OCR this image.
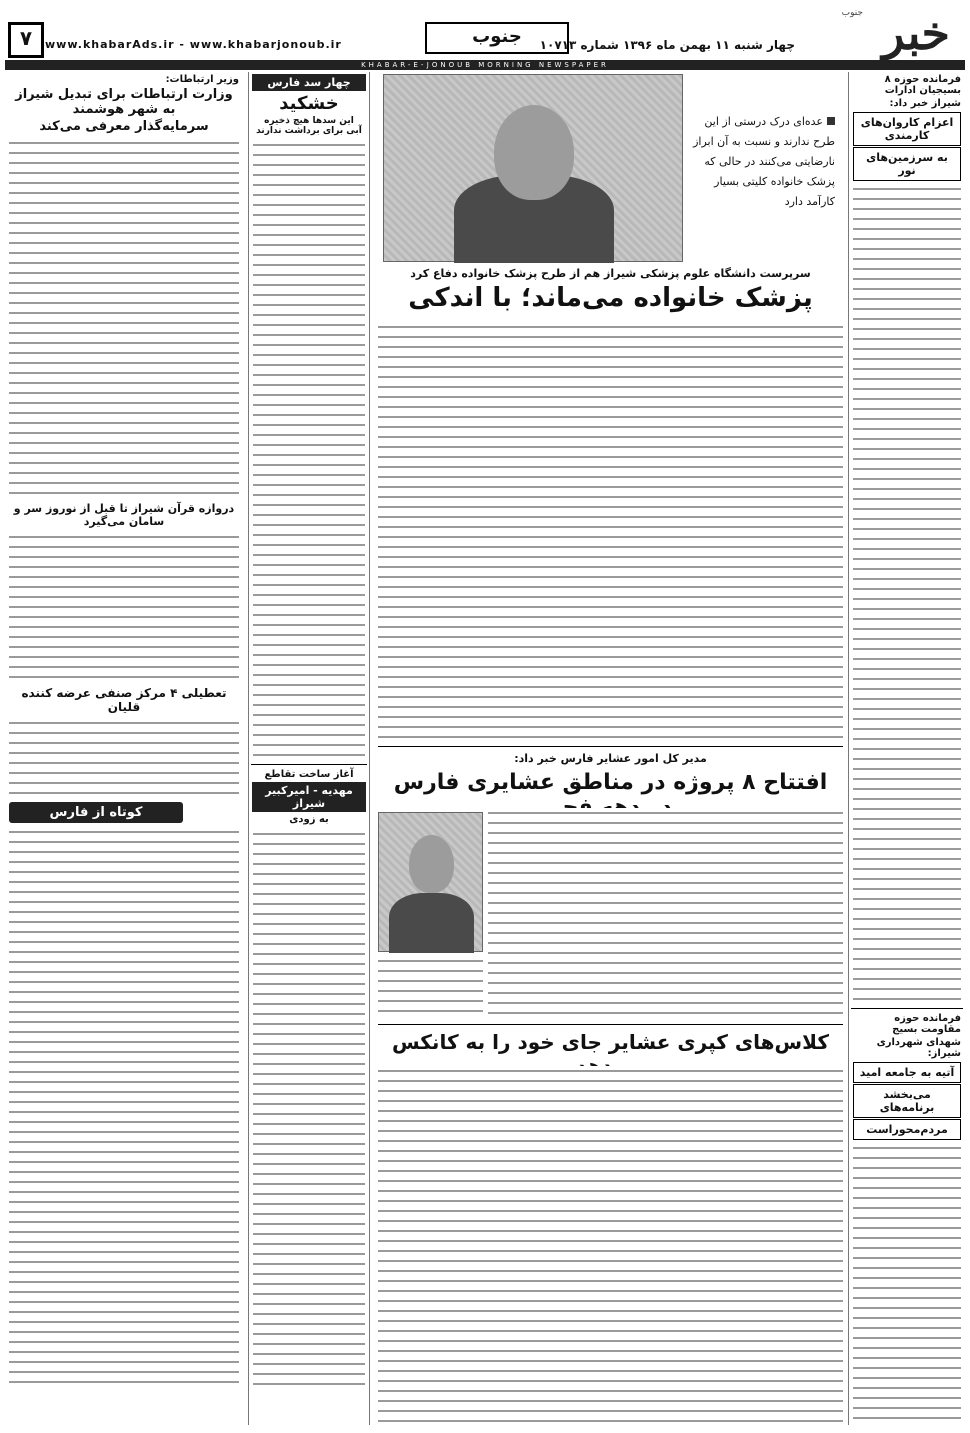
خبر
جنوب
چهار شنبه ۱۱ بهمن ماه ۱۳۹۶ شماره ۱۰۷۱۳
جنوب
www.khabarAds.ir - www.khabarjonoub.ir
۷
KHABAR-E-JONOUB MORNING NEWSPAPER
فرمانده حوزه ۸ بسیجیان ادارات
شیراز خبر داد:
اعزام کاروان‌های کارمندی
به سرزمین‌های نور
فرمانده حوزه مقاومت بسیج
شهدای شهرداری شیراز:
آتیه به جامعه امید
می‌بخشد برنامه‌های
مردم‌محوراست
عده‌ای درک درستی از این طرح ندارند و نسبت به آن ابراز نارضایتی می‌کنند در حالی که پزشک خانواده کلیتی بسیار کارآمد دارد
سرپرست دانشگاه علوم پزشکی شیراز هم از طرح پزشک خانواده دفاع کرد
پزشک خانواده می‌ماند؛ با اندکی
مدیر کل امور عشایر فارس خبر داد:
افتتاح ۸ پروژه در مناطق عشایری فارس
کلاس‌های کپری عشایر جای خود را به کانکس
چهار سد فارس
خشکید
این سدها هیچ ذخیره آبی برای برداشت ندارند
آغاز ساخت تقاطع
مهدیه - امیرکبیر شیراز
به زودی
وزیر ارتباطات:
وزارت ارتباطات برای تبدیل شیراز به شهر هوشمند
سرمایه‌گذار معرفی می‌کند
دروازه قرآن شیراز تا قبل از نوروز سر و سامان می‌گیرد
تعطیلی ۴ مرکز صنفی عرضه کننده قلیان
کوتاه از فارس
